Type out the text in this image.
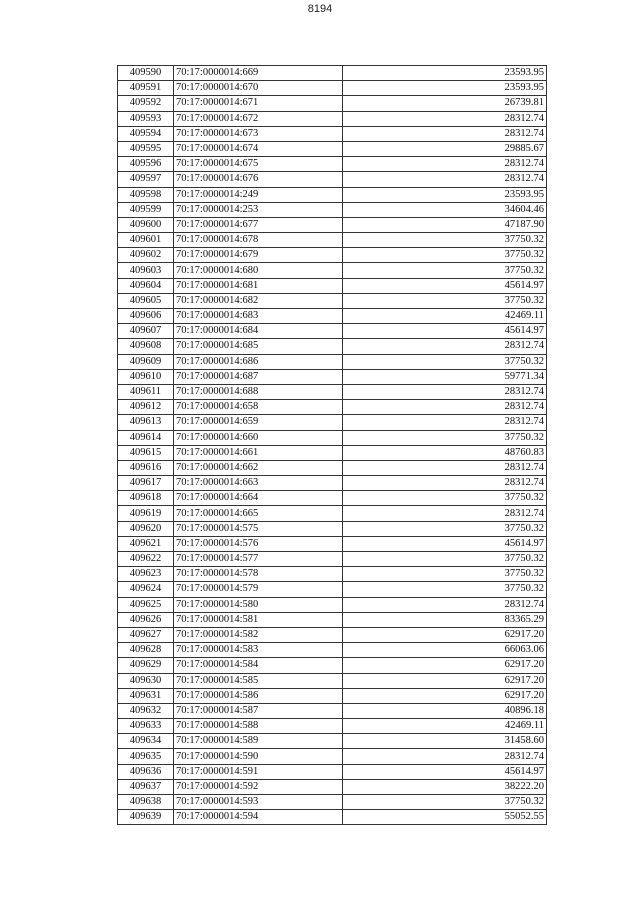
8194
409590	70:17:0000014:669	23593.95
409591	70:17:0000014:670	23593.95
409592	70:17:0000014:671	26739.81
409593	70:17:0000014:672	28312.74
409594	70:17:0000014:673	28312.74
409595	70:17:0000014:674	29885.67
409596	70:17:0000014:675	28312.74
409597	70:17:0000014:676	28312.74
409598	70:17:0000014:249	23593.95
409599	70:17:0000014:253	34604.46
409600	70:17:0000014:677	47187.90
409601	70:17:0000014:678	37750.32
409602	70:17:0000014:679	37750.32
409603	70:17:0000014:680	37750.32
409604	70:17:0000014:681	45614.97
409605	70:17:0000014:682	37750.32
409606	70:17:0000014:683	42469.11
409607	70:17:0000014:684	45614.97
409608	70:17:0000014:685	28312.74
409609	70:17:0000014:686	37750.32
409610	70:17:0000014:687	59771.34
409611	70:17:0000014:688	28312.74
409612	70:17:0000014:658	28312.74
409613	70:17:0000014:659	28312.74
409614	70:17:0000014:660	37750.32
409615	70:17:0000014:661	48760.83
409616	70:17:0000014:662	28312.74
409617	70:17:0000014:663	28312.74
409618	70:17:0000014:664	37750.32
409619	70:17:0000014:665	28312.74
409620	70:17:0000014:575	37750.32
409621	70:17:0000014:576	45614.97
409622	70:17:0000014:577	37750.32
409623	70:17:0000014:578	37750.32
409624	70:17:0000014:579	37750.32
409625	70:17:0000014:580	28312.74
409626	70:17:0000014:581	83365.29
409627	70:17:0000014:582	62917.20
409628	70:17:0000014:583	66063.06
409629	70:17:0000014:584	62917.20
409630	70:17:0000014:585	62917.20
409631	70:17:0000014:586	62917.20
409632	70:17:0000014:587	40896.18
409633	70:17:0000014:588	42469.11
409634	70:17:0000014:589	31458.60
409635	70:17:0000014:590	28312.74
409636	70:17:0000014:591	45614.97
409637	70:17:0000014:592	38222.20
409638	70:17:0000014:593	37750.32
409639	70:17:0000014:594	55052.55
